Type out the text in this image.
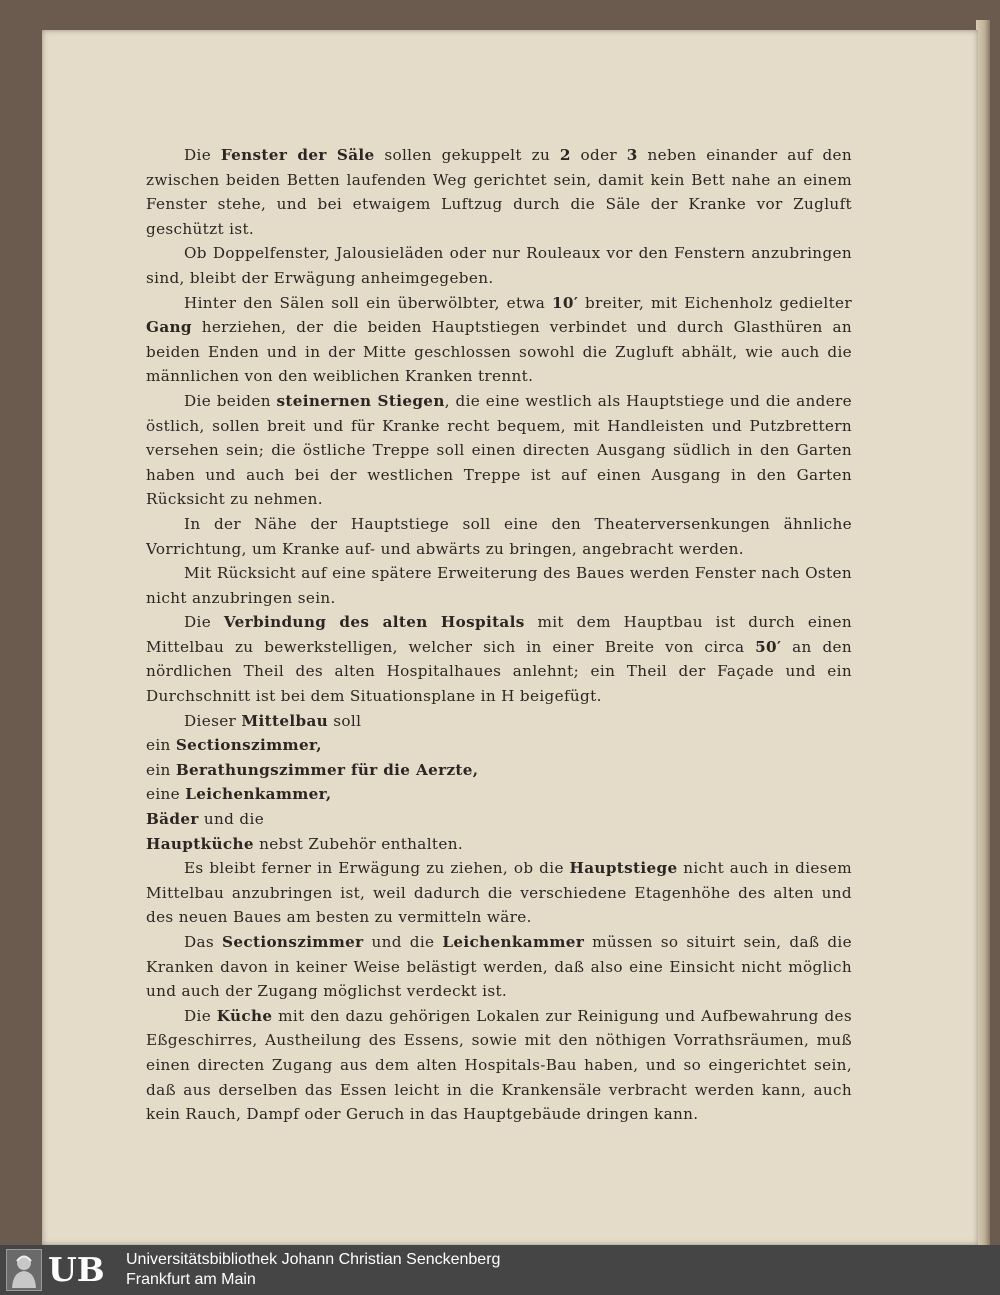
Die Fenster der Säle sollen gekuppelt zu 2 oder 3 neben einander auf den zwischen beiden Betten laufenden Weg gerichtet sein, damit kein Bett nahe an einem Fenster stehe, und bei etwaigem Luftzug durch die Säle der Kranke vor Zugluft geschützt ist.

Ob Doppelfenster, Jalousieläden oder nur Rouleaux vor den Fenstern anzubringen sind, bleibt der Erwägung anheimgegeben.

Hinter den Sälen soll ein überwölbter, etwa 10′ breiter, mit Eichenholz gedielter Gang herziehen, der die beiden Hauptstiegen verbindet und durch Glasthüren an beiden Enden und in der Mitte geschlossen sowohl die Zugluft abhält, wie auch die männlichen von den weiblichen Kranken trennt.

Die beiden steinernen Stiegen, die eine westlich als Hauptstiege und die andere östlich, sollen breit und für Kranke recht bequem, mit Handleisten und Putzbrettern versehen sein; die östliche Treppe soll einen directen Ausgang südlich in den Garten haben und auch bei der westlichen Treppe ist auf einen Ausgang in den Garten Rücksicht zu nehmen.

In der Nähe der Hauptstiege soll eine den Theaterversenkungen ähnliche Vorrichtung, um Kranke auf- und abwärts zu bringen, angebracht werden.

Mit Rücksicht auf eine spätere Erweiterung des Baues werden Fenster nach Osten nicht anzubringen sein.

Die Verbindung des alten Hospitals mit dem Hauptbau ist durch einen Mittelbau zu bewerkstelligen, welcher sich in einer Breite von circa 50′ an den nördlichen Theil des alten Hospitalhaues anlehnt; ein Theil der Façade und ein Durchschnitt ist bei dem Situationsplane in H beigefügt.

Dieser Mittelbau soll

ein Sectionszimmer,

ein Berathungszimmer für die Aerzte,

eine Leichenkammer,

Bäder und die

Hauptküche nebst Zubehör enthalten.

Es bleibt ferner in Erwägung zu ziehen, ob die Hauptstiege nicht auch in diesem Mittelbau anzubringen ist, weil dadurch die verschiedene Etagenhöhe des alten und des neuen Baues am besten zu vermitteln wäre.

Das Sectionszimmer und die Leichenkammer müssen so situirt sein, daß die Kranken davon in keiner Weise belästigt werden, daß also eine Einsicht nicht möglich und auch der Zugang möglichst verdeckt ist.

Die Küche mit den dazu gehörigen Lokalen zur Reinigung und Aufbewahrung des Eßgeschirres, Austheilung des Essens, sowie mit den nöthigen Vorrathsräumen, muß einen directen Zugang aus dem alten Hospitals-Bau haben, und so eingerichtet sein, daß aus derselben das Essen leicht in die Krankensäle verbracht werden kann, auch kein Rauch, Dampf oder Geruch in das Hauptgebäude dringen kann.

UB Universitätsbibliothek Johann Christian Senckenberg
Frankfurt am Main
